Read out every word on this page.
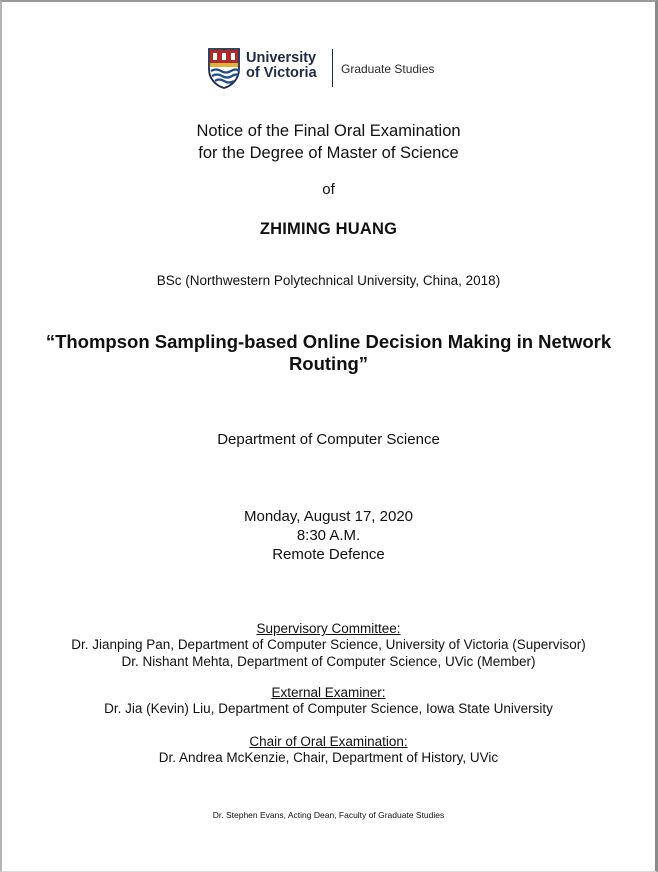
University
of Victoria Graduate Studies
Notice of the Final Oral Examination
for the Degree of Master of Science
of
ZHIMING HUANG
BSc (Northwestern Polytechnical University, China, 2018)
“Thompson Sampling-based Online Decision Making in Network
Routing”
Department of Computer Science
Monday, August 17, 2020
8:30 A.M.
Remote Defence
Supervisory Committee:
Dr. Jianping Pan, Department of Computer Science, University of Victoria (Supervisor)
Dr. Nishant Mehta, Department of Computer Science, UVic (Member)
External Examiner:
Dr. Jia (Kevin) Liu, Department of Computer Science, Iowa State University
Chair of Oral Examination:
Dr. Andrea McKenzie, Chair, Department of History, UVic
Dr. Stephen Evans, Acting Dean, Faculty of Graduate Studies
